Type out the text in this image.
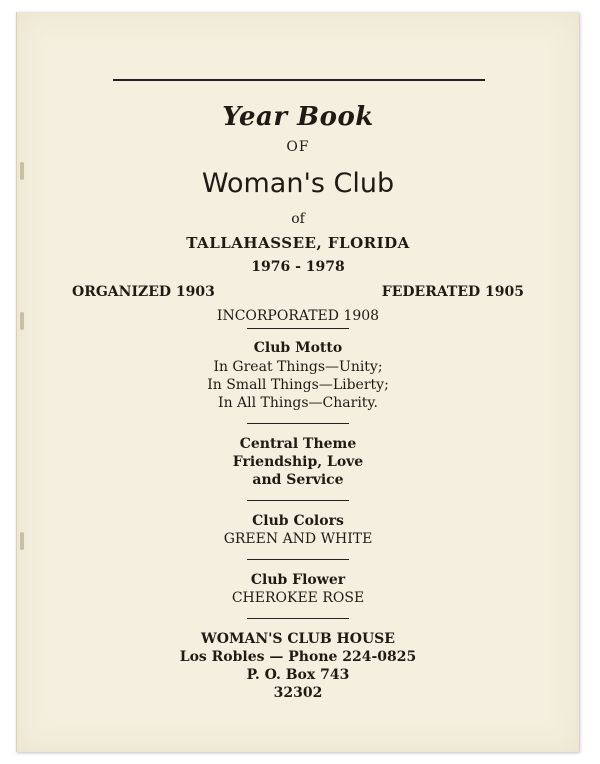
Year Book
OF
Woman's Club
of
TALLAHASSEE, FLORIDA
1976 - 1978
ORGANIZED 1903	FEDERATED 1905
INCORPORATED 1908
Club Motto
In Great Things—Unity;
In Small Things—Liberty;
In All Things—Charity.
Central Theme
Friendship, Love
and Service
Club Colors
GREEN AND WHITE
Club Flower
CHEROKEE ROSE
WOMAN'S CLUB HOUSE
Los Robles — Phone 224-0825
P. O. Box 743
32302
